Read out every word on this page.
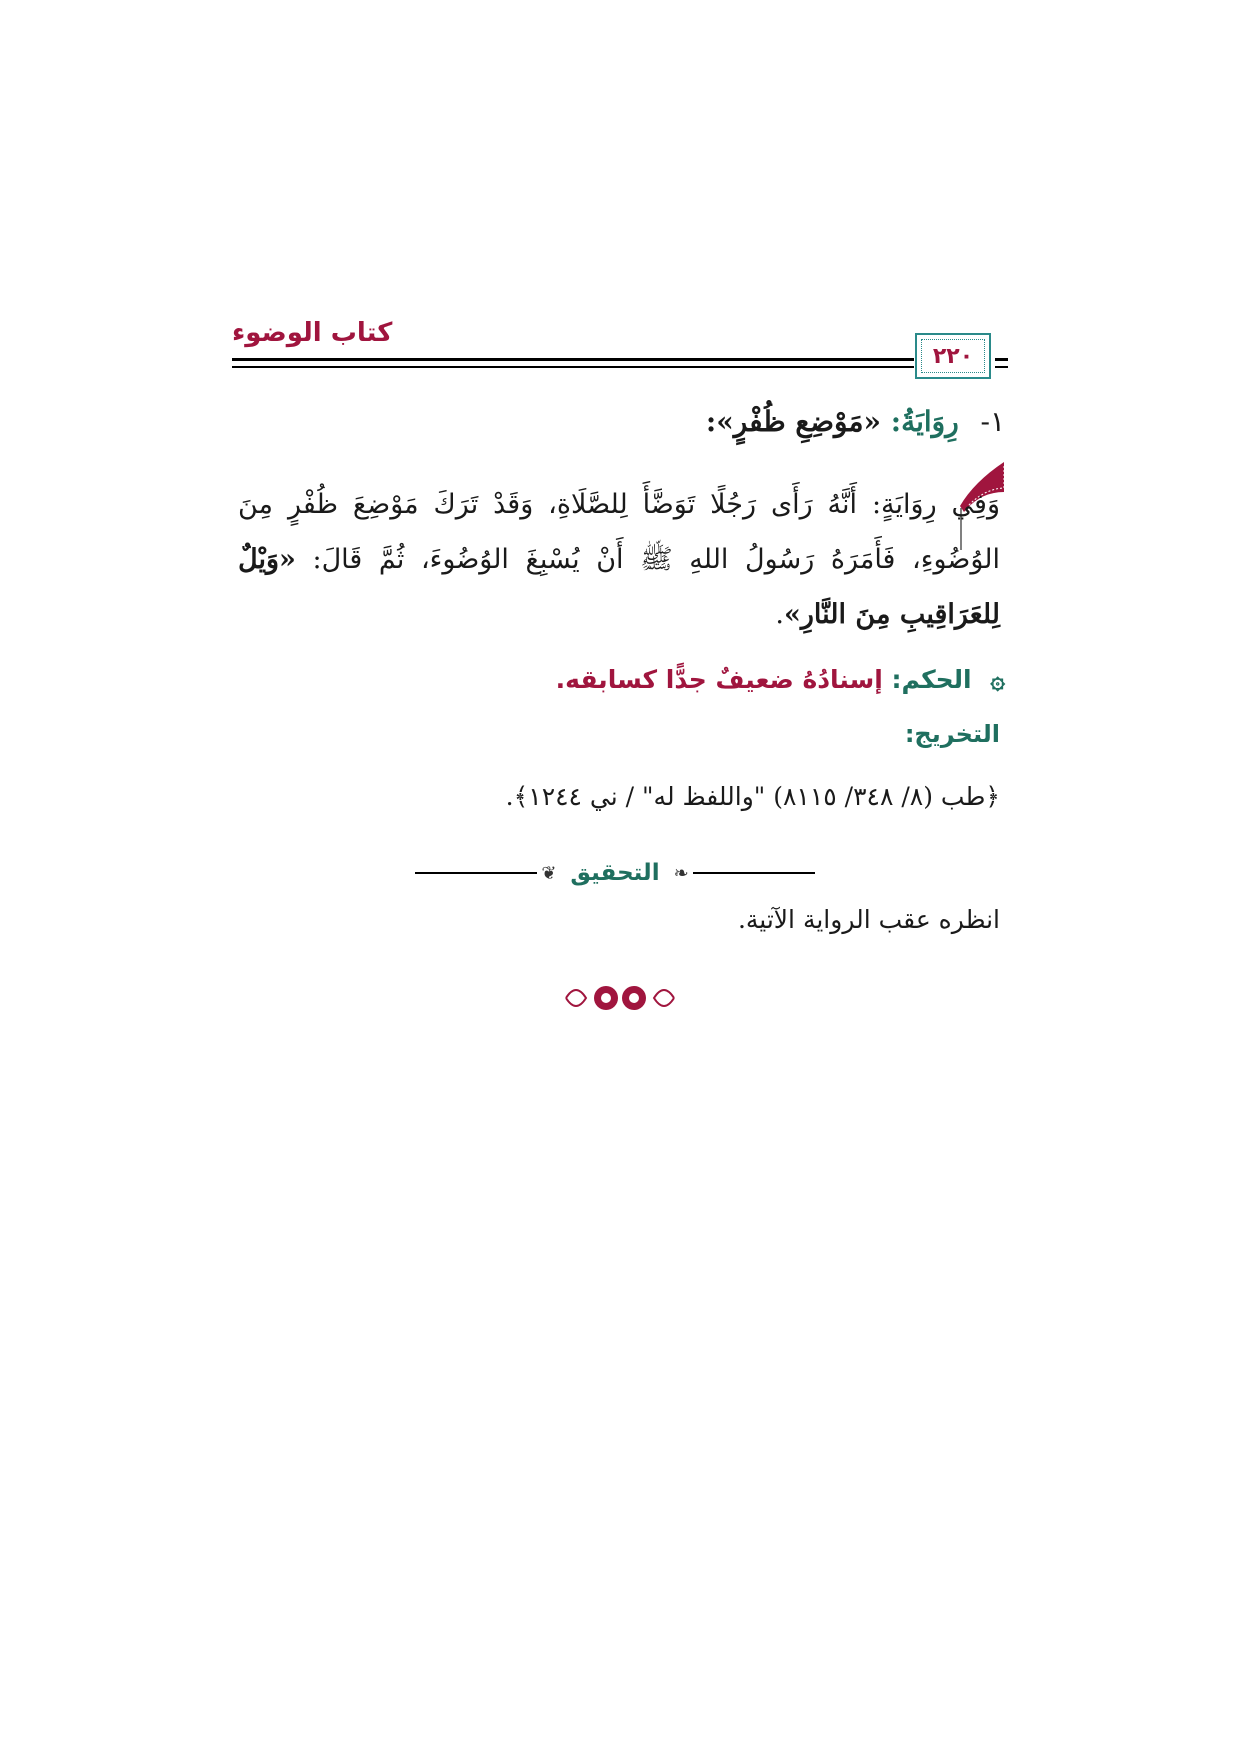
كتاب الوضوء
٢٢٠
١- رِوَايَةُ: «مَوْضِعِ ظُفْرٍ»:
وَفِي رِوَايَةٍ: أَنَّهُ رَأَى رَجُلًا تَوَضَّأَ لِلصَّلَاةِ، وَقَدْ تَرَكَ مَوْضِعَ ظُفْرٍ مِنَ الوُضُوءِ، فَأَمَرَهُ رَسُولُ اللهِ ﷺ أَنْ يُسْبِغَ الوُضُوءَ، ثُمَّ قَالَ: «وَيْلٌ لِلعَرَاقِيبِ مِنَ النَّارِ».
۞ الحكم: إسنادُهُ ضعيفٌ جدًّا كسابقه.
التخريج:
﴿طب (٨/ ٣٤٨/ ٨١١٥) "واللفظ له" / ني ١٢٤٤﴾.
❦ التحقيق ❧
انظره عقب الرواية الآتية.
